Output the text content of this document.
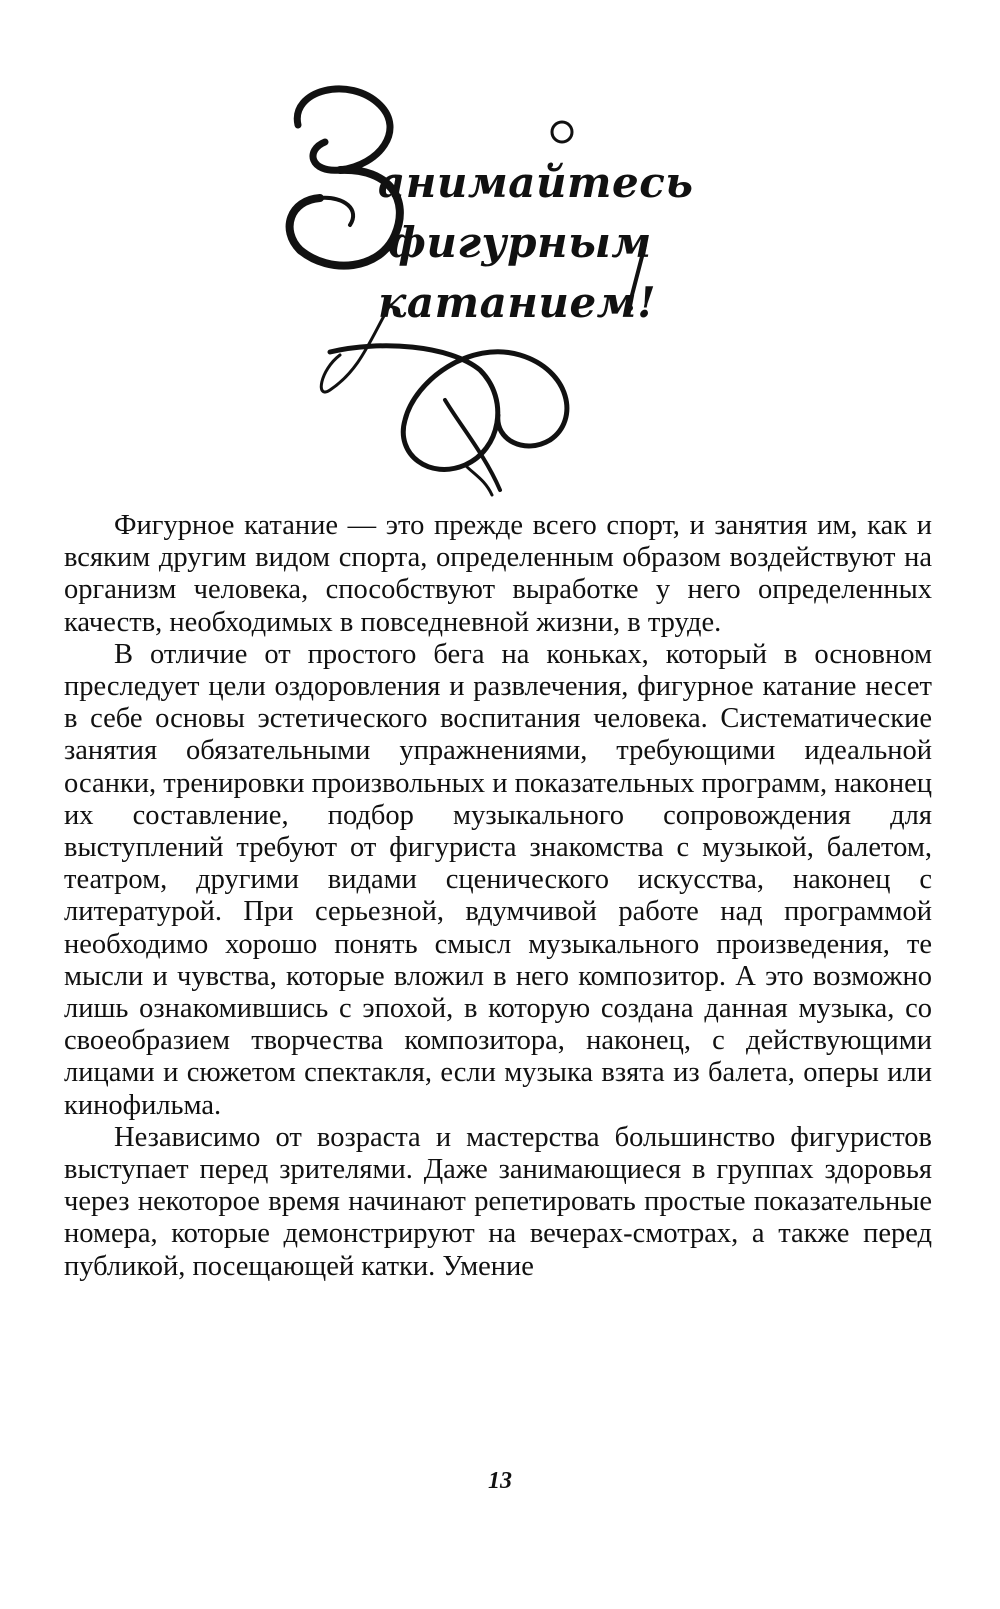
анимайтесь
фигурным
катанием!

Фигурное катание — это прежде всего спорт, и занятия им, как и всяким другим видом спорта, определенным образом воздействуют на организм человека, способствуют выработке у него определенных качеств, необходимых в повседневной жизни, в труде.

В отличие от простого бега на коньках, который в основном преследует цели оздоровления и развлечения, фигурное катание несет в себе основы эстетического воспитания человека. Систематические занятия обязательными упражнениями, требующими идеальной осанки, тренировки произвольных и показательных программ, наконец их составление, подбор музыкального сопровождения для выступлений требуют от фигуриста знакомства с музыкой, балетом, театром, другими видами сценического искусства, наконец с литературой. При серьезной, вдумчивой работе над программой необходимо хорошо понять смысл музыкального произведения, те мысли и чувства, которые вложил в него композитор. А это возможно лишь ознакомившись с эпохой, в которую создана данная музыка, со своеобразием творчества композитора, наконец, с действующими лицами и сюжетом спектакля, если музыка взята из балета, оперы или кинофильма.

Независимо от возраста и мастерства большинство фигуристов выступает перед зрителями. Даже занимающиеся в группах здоровья через некоторое время начинают репетировать простые показательные номера, которые демонстрируют на вечерах-смотрах, а также перед публикой, посещающей катки. Умение

13
